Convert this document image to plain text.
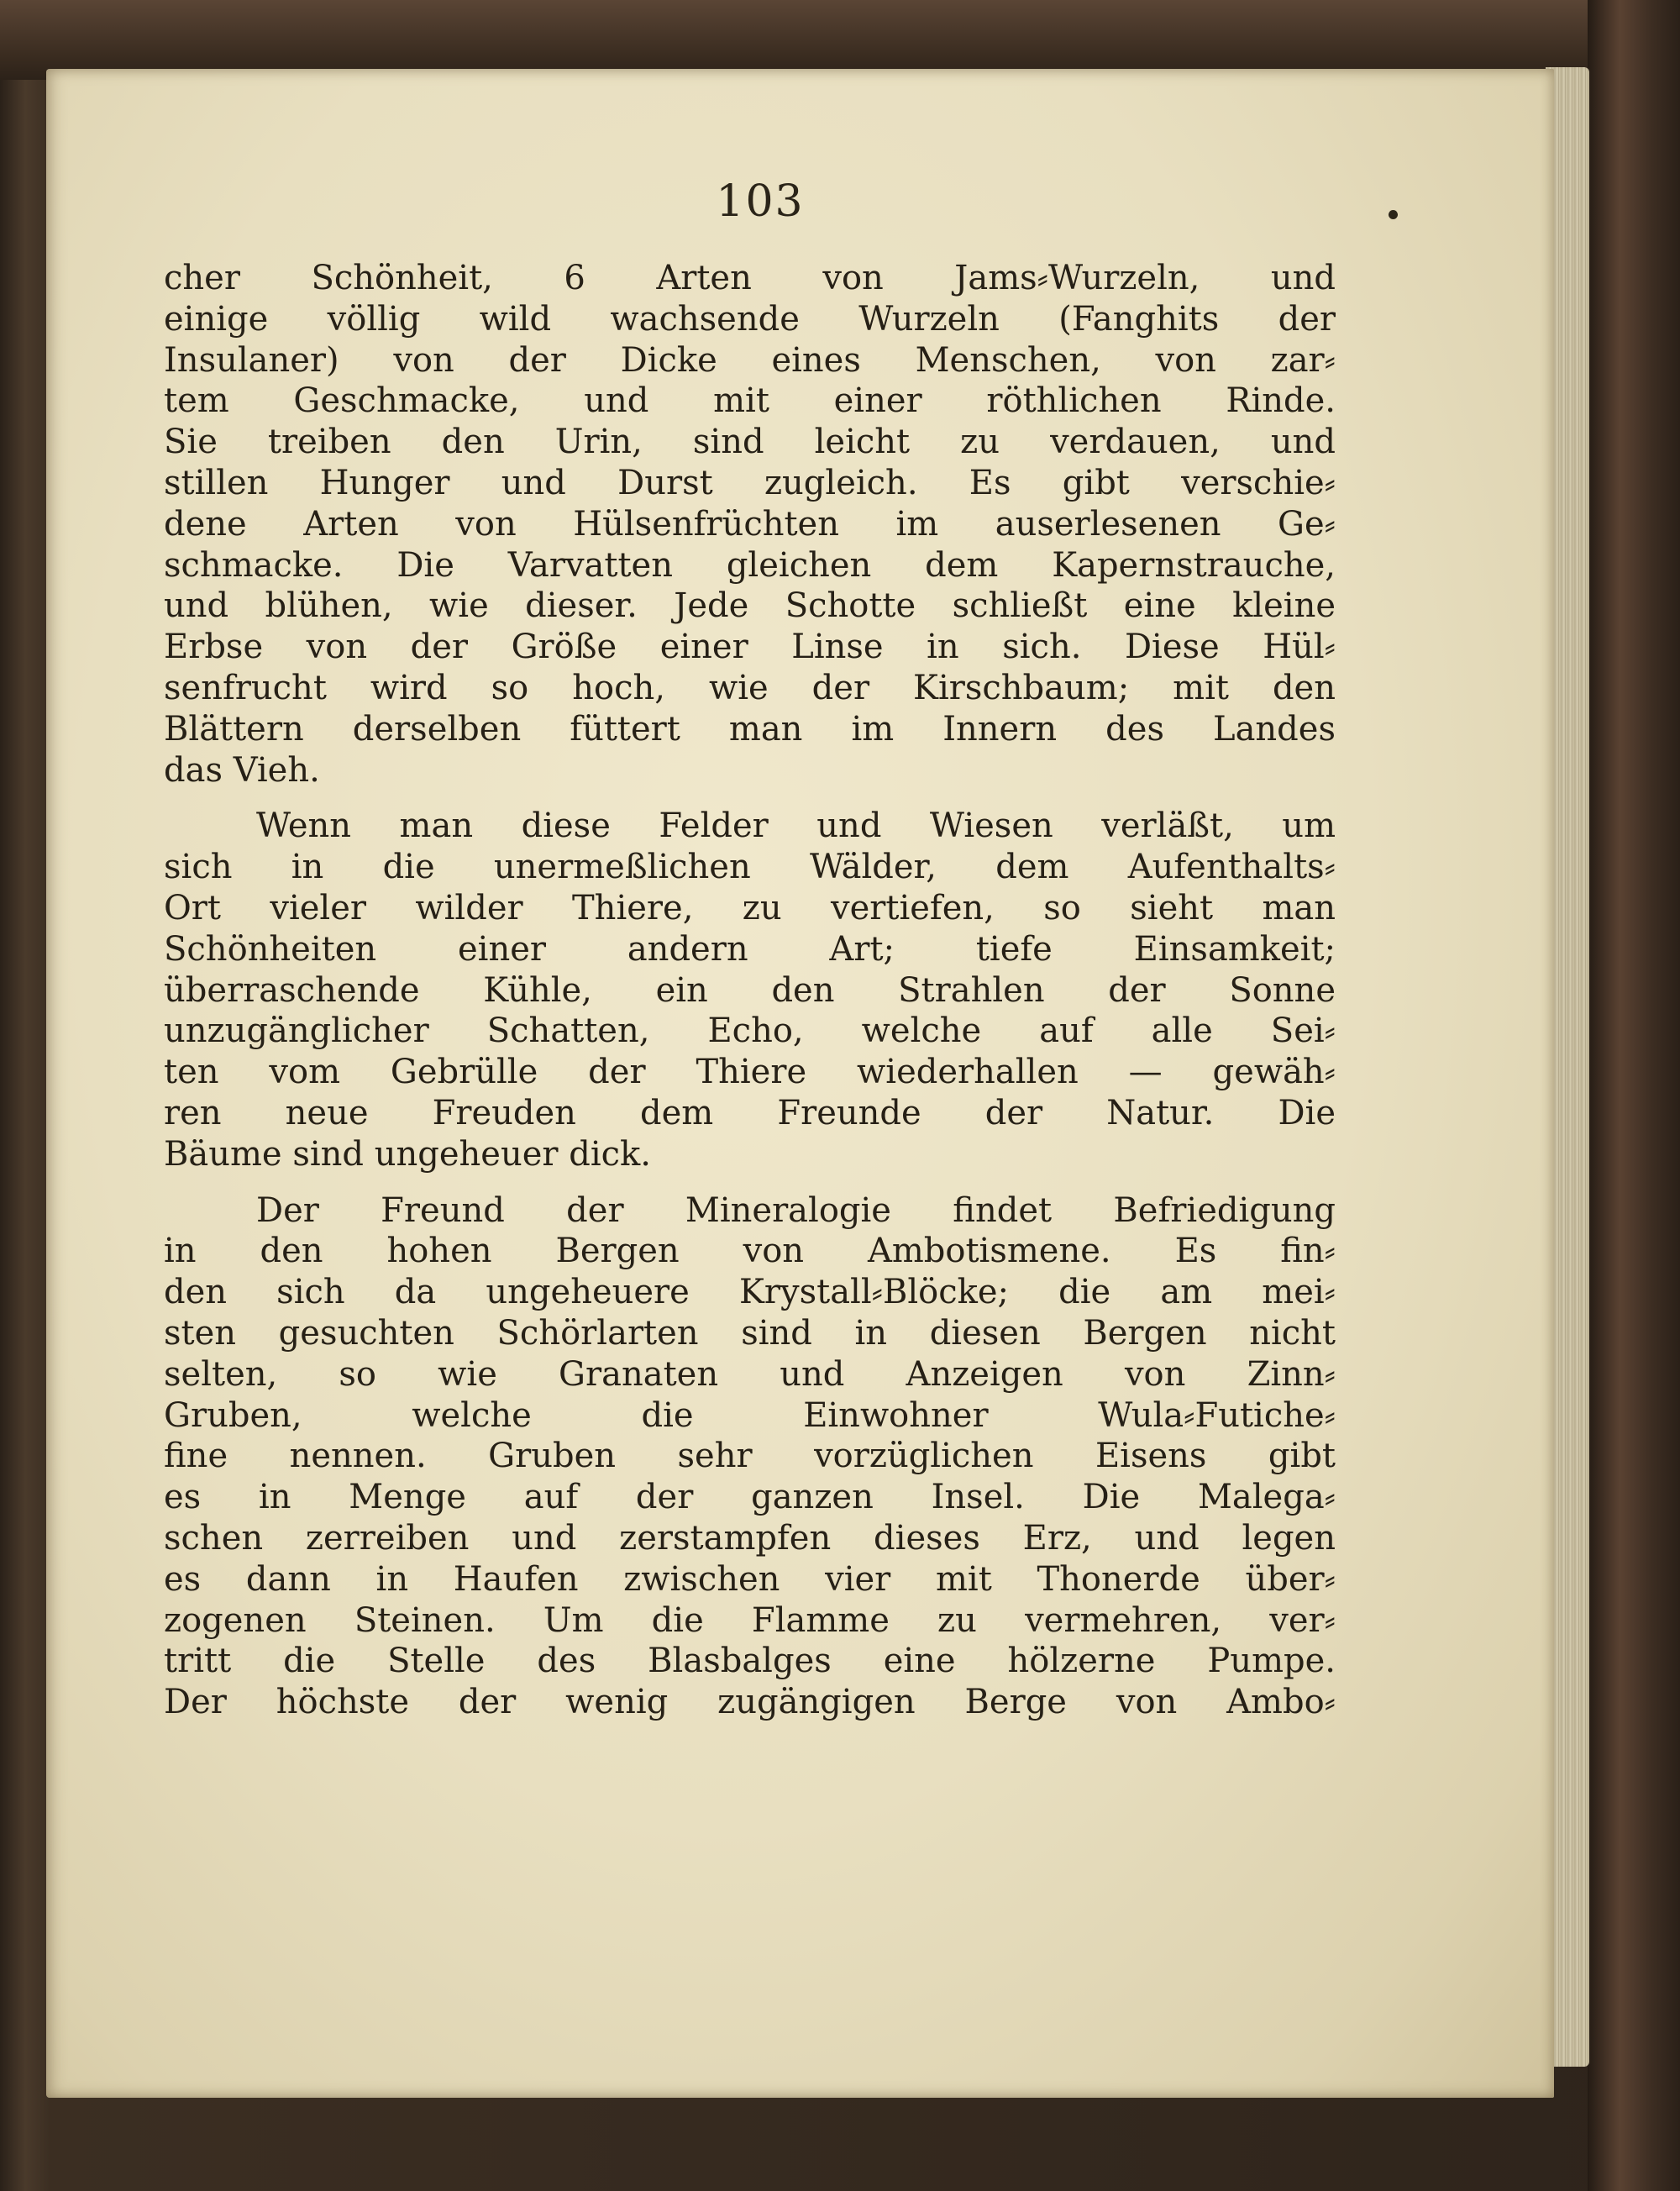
103
cher Schönheit, 6 Arten von Jams⸗Wurzeln, und
einige völlig wild wachsende Wurzeln (Fanghits der
Insulaner) von der Dicke eines Menschen, von zar⸗
tem Geschmacke, und mit einer röthlichen Rinde.
Sie treiben den Urin, sind leicht zu verdauen, und
stillen Hunger und Durst zugleich. Es gibt verschie⸗
dene Arten von Hülsenfrüchten im auserlesenen Ge⸗
schmacke. Die Varvatten gleichen dem Kapernstrauche,
und blühen, wie dieser. Jede Schotte schließt eine kleine
Erbse von der Größe einer Linse in sich. Diese Hül⸗
senfrucht wird so hoch, wie der Kirschbaum; mit den
Blättern derselben füttert man im Innern des Landes
das Vieh.
Wenn man diese Felder und Wiesen verläßt, um
sich in die unermeßlichen Wälder, dem Aufenthalts⸗
Ort vieler wilder Thiere, zu vertiefen, so sieht man
Schönheiten einer andern Art; tiefe Einsamkeit;
überraschende Kühle, ein den Strahlen der Sonne
unzugänglicher Schatten, Echo, welche auf alle Sei⸗
ten vom Gebrülle der Thiere wiederhallen — gewäh⸗
ren neue Freuden dem Freunde der Natur. Die
Bäume sind ungeheuer dick.
Der Freund der Mineralogie findet Befriedigung
in den hohen Bergen von Ambotismene. Es fin⸗
den sich da ungeheuere Krystall⸗Blöcke; die am mei⸗
sten gesuchten Schörlarten sind in diesen Bergen nicht
selten, so wie Granaten und Anzeigen von Zinn⸗
Gruben, welche die Einwohner Wula⸗Futiche⸗
fine nennen. Gruben sehr vorzüglichen Eisens gibt
es in Menge auf der ganzen Insel. Die Malega⸗
schen zerreiben und zerstampfen dieses Erz, und legen
es dann in Haufen zwischen vier mit Thonerde über⸗
zogenen Steinen. Um die Flamme zu vermehren, ver⸗
tritt die Stelle des Blasbalges eine hölzerne Pumpe.
Der höchste der wenig zugängigen Berge von Ambo⸗
